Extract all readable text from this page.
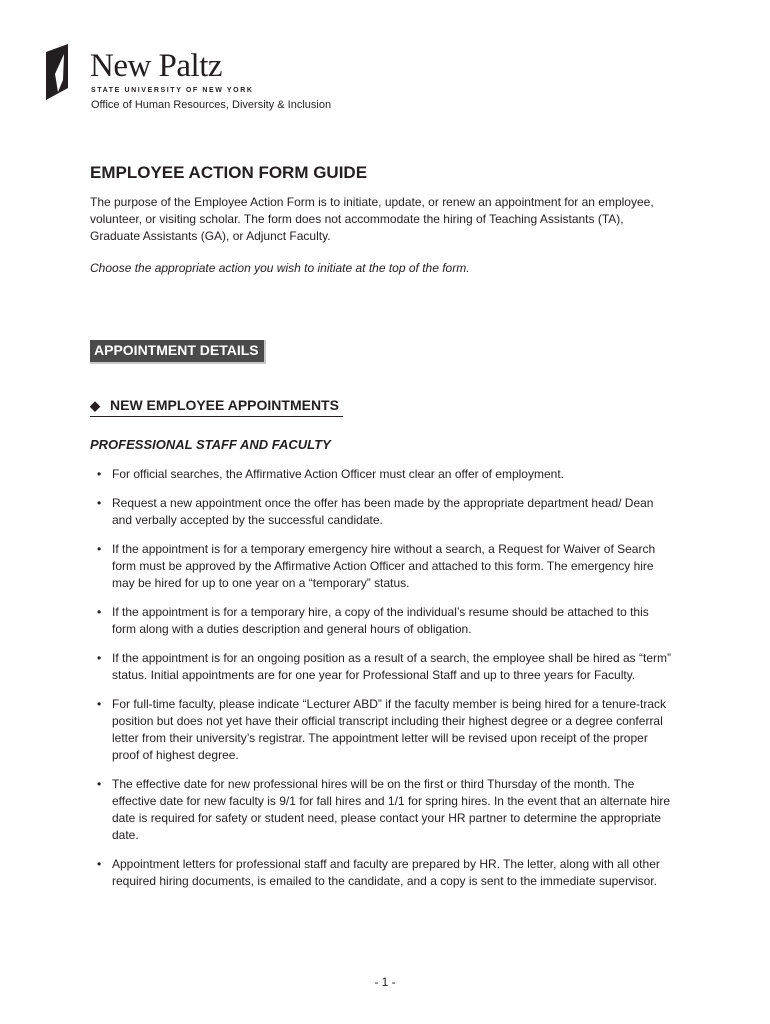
New Paltz
STATE UNIVERSITY OF NEW YORK
Office of Human Resources, Diversity & Inclusion
EMPLOYEE ACTION FORM GUIDE
The purpose of the Employee Action Form is to initiate, update, or renew an appointment for an employee, volunteer, or visiting scholar. The form does not accommodate the hiring of Teaching Assistants (TA), Graduate Assistants (GA), or Adjunct Faculty.
Choose the appropriate action you wish to initiate at the top of the form.
APPOINTMENT DETAILS
◆ NEW EMPLOYEE APPOINTMENTS
PROFESSIONAL STAFF AND FACULTY
• For official searches, the Affirmative Action Officer must clear an offer of employment.
• Request a new appointment once the offer has been made by the appropriate department head/ Dean and verbally accepted by the successful candidate.
• If the appointment is for a temporary emergency hire without a search, a Request for Waiver of Search form must be approved by the Affirmative Action Officer and attached to this form. The emergency hire may be hired for up to one year on a “temporary” status.
• If the appointment is for a temporary hire, a copy of the individual’s resume should be attached to this form along with a duties description and general hours of obligation.
• If the appointment is for an ongoing position as a result of a search, the employee shall be hired as “term” status. Initial appointments are for one year for Professional Staff and up to three years for Faculty.
• For full-time faculty, please indicate “Lecturer ABD” if the faculty member is being hired for a tenure-track position but does not yet have their official transcript including their highest degree or a degree conferral letter from their university’s registrar. The appointment letter will be revised upon receipt of the proper proof of highest degree.
• The effective date for new professional hires will be on the first or third Thursday of the month. The effective date for new faculty is 9/1 for fall hires and 1/1 for spring hires. In the event that an alternate hire date is required for safety or student need, please contact your HR partner to determine the appropriate date.
• Appointment letters for professional staff and faculty are prepared by HR. The letter, along with all other required hiring documents, is emailed to the candidate, and a copy is sent to the immediate supervisor.
- 1 -
